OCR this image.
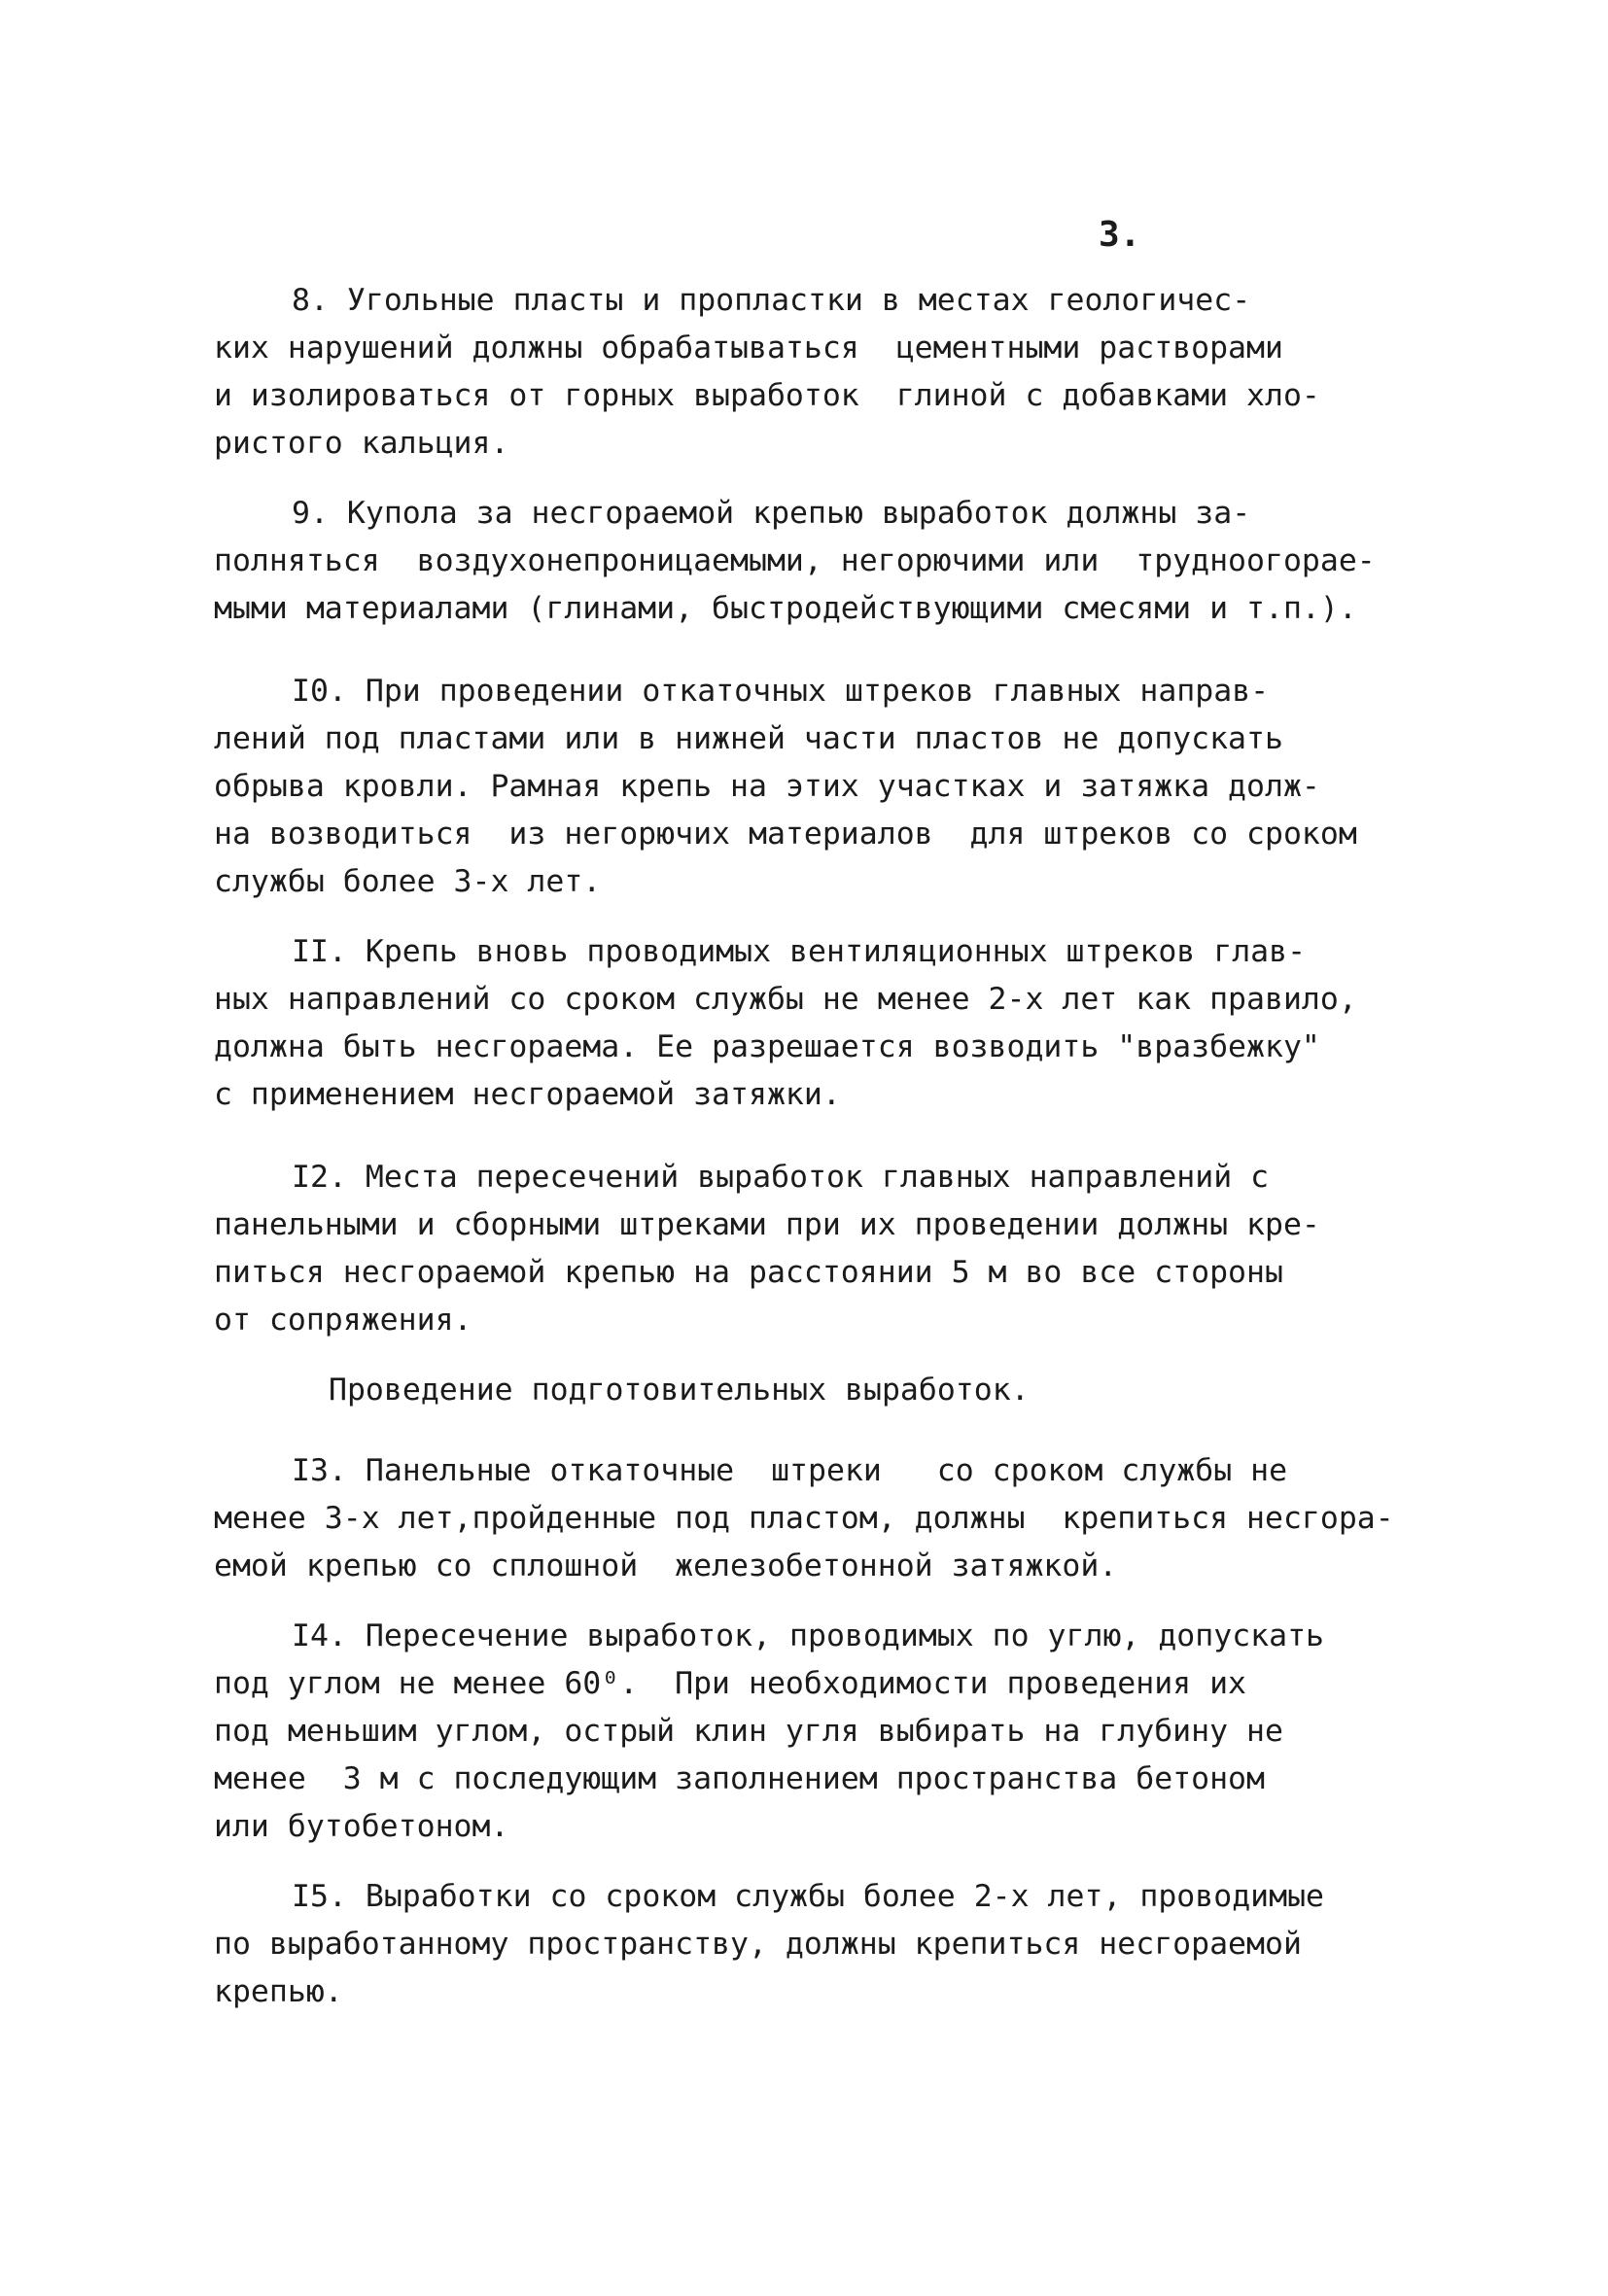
3.
8. Угольные пласты и пропластки в местах геологичес-
ких нарушений должны обрабатываться  цементными растворами
и изолироваться от горных выработок  глиной с добавками хло-
ристого кальция.
9. Купола за несгораемой крепью выработок должны за-
полняться  воздухонепроницаемыми, негорючими или  трудноогорае-
мыми материалами (глинами, быстродействующими смесями и т.п.).
I0. При проведении откаточных штреков главных направ-
лений под пластами или в нижней части пластов не допускать
обрыва кровли. Рамная крепь на этих участках и затяжка долж-
на возводиться  из негорючих материалов  для штреков со сроком
службы более 3-х лет.
II. Крепь вновь проводимых вентиляционных штреков глав-
ных направлений со сроком службы не менее 2-х лет как правило,
должна быть несгораема. Ее разрешается возводить "вразбежку"
с применением несгораемой затяжки.
I2. Места пересечений выработок главных направлений с
панельными и сборными штреками при их проведении должны кре-
питься несгораемой крепью на расстоянии 5 м во все стороны
от сопряжения.
Проведение подготовительных выработок.
I3. Панельные откаточные  штреки   со сроком службы не
менее 3-х лет,пройденные под пластом, должны  крепиться несгора-
емой крепью со сплошной  железобетонной затяжкой.
I4. Пересечение выработок, проводимых по углю, допускать
под углом не менее 60⁰.  При необходимости проведения их
под меньшим углом, острый клин угля выбирать на глубину не
менее  3 м с последующим заполнением пространства бетоном
или бутобетоном.
I5. Выработки со сроком службы более 2-х лет, проводимые
по выработанному пространству, должны крепиться несгораемой
крепью.
